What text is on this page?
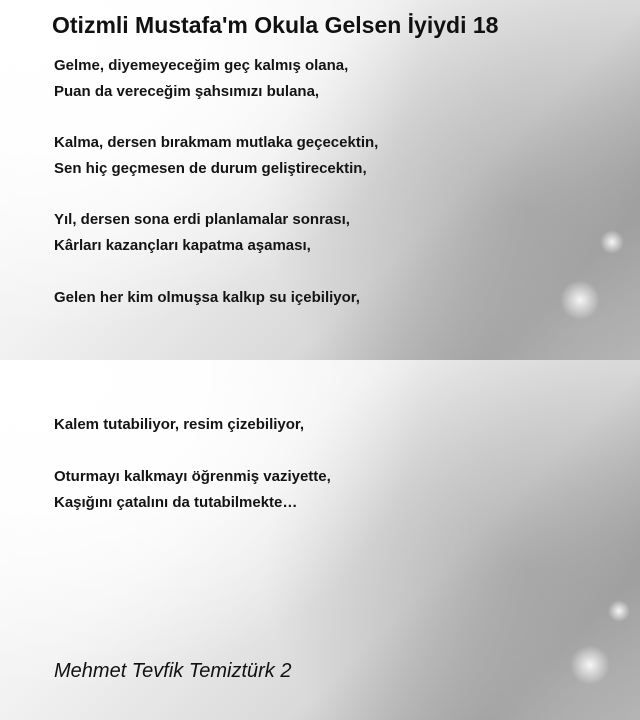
Otizmli Mustafa'm Okula Gelsen İyiydi 18
Gelme, diyemeyeceğim geç kalmış olana,
Puan da vereceğim şahsımızı bulana,
Kalma, dersen bırakmam mutlaka geçecektin,
Sen hiç geçmesen de durum geliştirecektin,
Yıl, dersen sona erdi planlamalar sonrası,
Kârları kazançları kapatma aşaması,
Gelen her kim olmuşsa kalkıp su içebiliyor,
Kalem tutabiliyor, resim çizebiliyor,
Oturmayı kalkmayı öğrenmiş vaziyette,
Kaşığını çatalını da tutabilmekte…
Mehmet Tevfik Temiztürk 2
